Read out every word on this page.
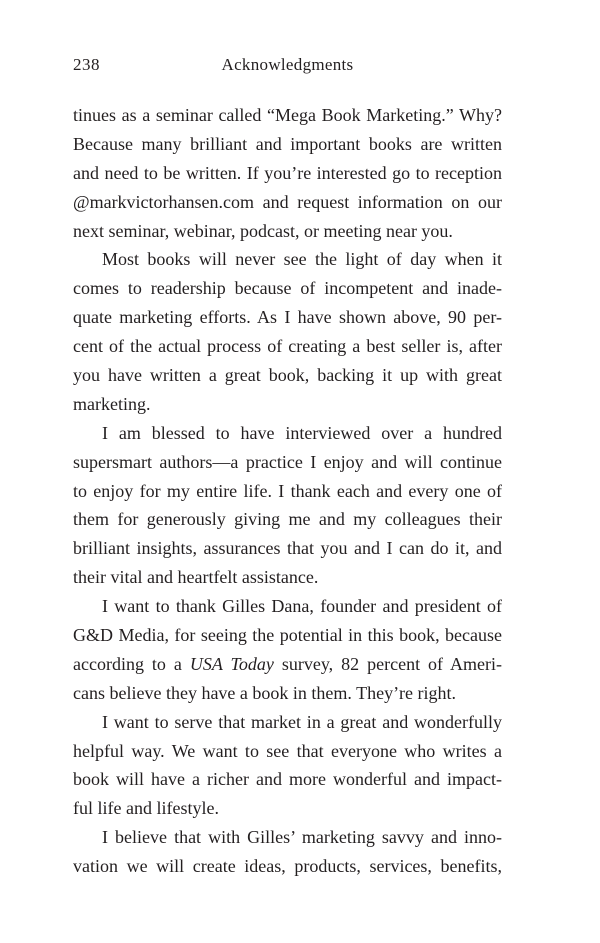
238	Acknowledgments
tinues as a seminar called “Mega Book Marketing.” Why?
Because many brilliant and important books are written
and need to be written. If you’re interested go to reception
@markvictorhansen.com and request information on our
next seminar, webinar, podcast, or meeting near you.
Most books will never see the light of day when it
comes to readership because of incompetent and inade-
quate marketing efforts. As I have shown above, 90 per-
cent of the actual process of creating a best seller is, after
you have written a great book, backing it up with great
marketing.
I am blessed to have interviewed over a hundred
supersmart authors—a practice I enjoy and will continue
to enjoy for my entire life. I thank each and every one of
them for generously giving me and my colleagues their
brilliant insights, assurances that you and I can do it, and
their vital and heartfelt assistance.
I want to thank Gilles Dana, founder and president of
G&D Media, for seeing the potential in this book, because
according to a USA Today survey, 82 percent of Ameri-
cans believe they have a book in them. They’re right.
I want to serve that market in a great and wonderfully
helpful way. We want to see that everyone who writes a
book will have a richer and more wonderful and impact-
ful life and lifestyle.
I believe that with Gilles’ marketing savvy and inno-
vation we will create ideas, products, services, benefits,
